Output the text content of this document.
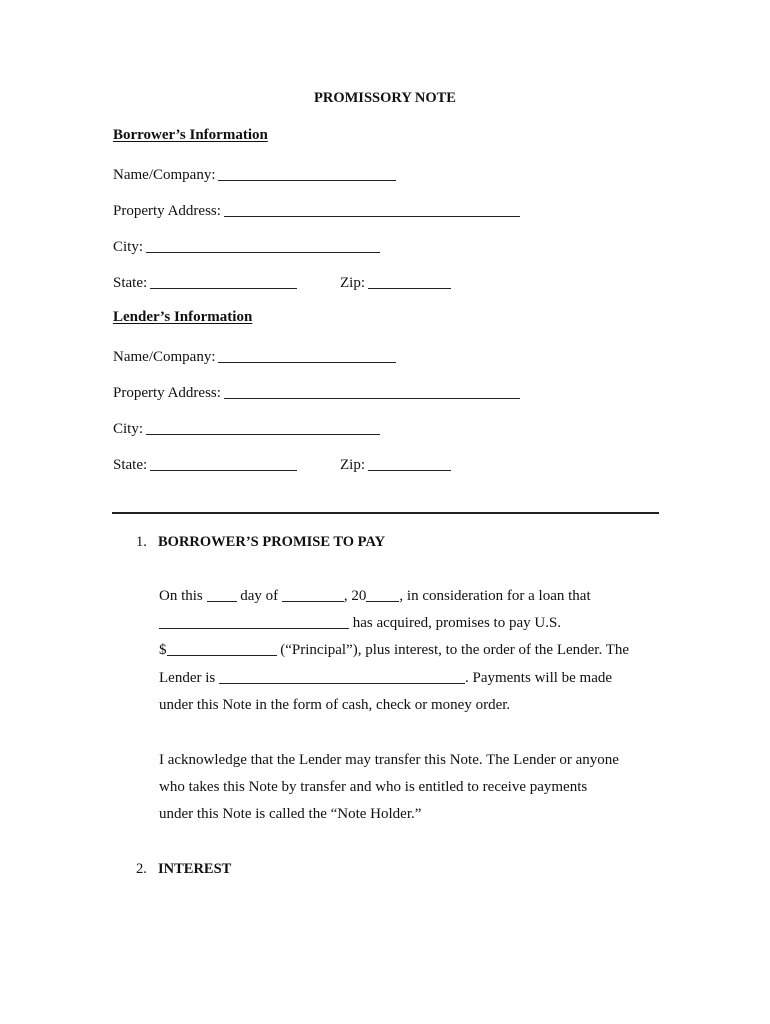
PROMISSORY NOTE
Borrower’s Information
Name/Company:
Property Address:
City:
State:	Zip:
Lender’s Information
Name/Company:
Property Address:
City:
State:	Zip:
1. BORROWER’S PROMISE TO PAY
On this  day of	, 20 , in consideration for a loan that
has acquired, promises to pay U.S.
$	(“Principal”), plus interest, to the order of the Lender. The
Lender is	. Payments will be made
under this Note in the form of cash, check or money order.
I acknowledge that the Lender may transfer this Note. The Lender or anyone
who takes this Note by transfer and who is entitled to receive payments
under this Note is called the “Note Holder.”
2. INTEREST
